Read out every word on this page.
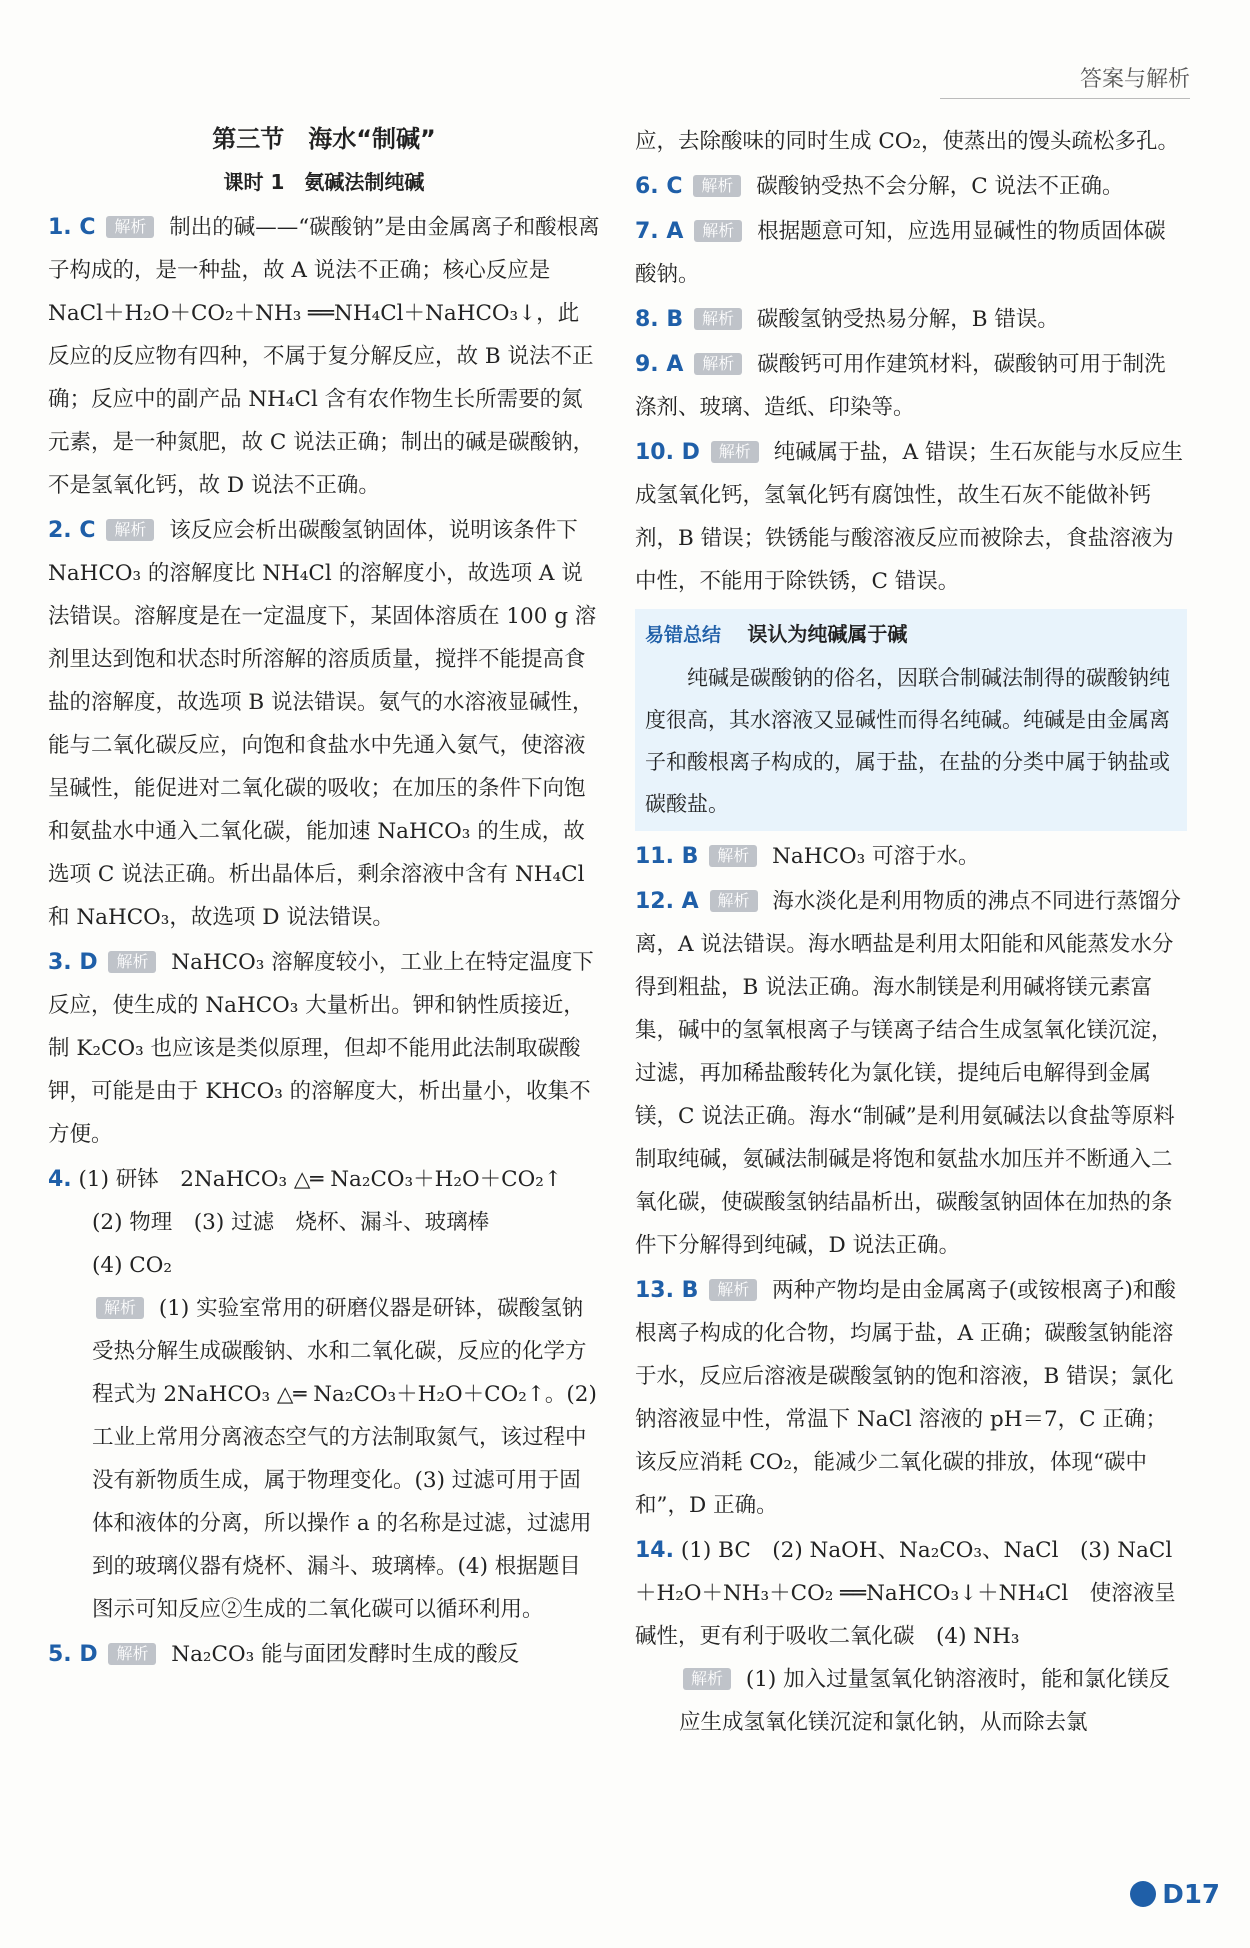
答案与解析
第三节　海水“制碱”
课时 1　氨碱法制纯碱
1. C 解析 制出的碱——“碳酸钠”是由金属离子和酸根离子构成的，是一种盐，故 A 说法不正确；核心反应是 NaCl＋H₂O＋CO₂＋NH₃ ══NH₄Cl＋NaHCO₃↓，此反应的反应物有四种，不属于复分解反应，故 B 说法不正确；反应中的副产品 NH₄Cl 含有农作物生长所需要的氮元素，是一种氮肥，故 C 说法正确；制出的碱是碳酸钠，不是氢氧化钙，故 D 说法不正确。
2. C 解析 该反应会析出碳酸氢钠固体，说明该条件下 NaHCO₃ 的溶解度比 NH₄Cl 的溶解度小，故选项 A 说法错误。溶解度是在一定温度下，某固体溶质在 100 g 溶剂里达到饱和状态时所溶解的溶质质量，搅拌不能提高食盐的溶解度，故选项 B 说法错误。氨气的水溶液显碱性，能与二氧化碳反应，向饱和食盐水中先通入氨气，使溶液呈碱性，能促进对二氧化碳的吸收；在加压的条件下向饱和氨盐水中通入二氧化碳，能加速 NaHCO₃ 的生成，故选项 C 说法正确。析出晶体后，剩余溶液中含有 NH₄Cl 和 NaHCO₃，故选项 D 说法错误。
3. D 解析 NaHCO₃ 溶解度较小，工业上在特定温度下反应，使生成的 NaHCO₃ 大量析出。钾和钠性质接近，制 K₂CO₃ 也应该是类似原理，但却不能用此法制取碳酸钾，可能是由于 KHCO₃ 的溶解度大，析出量小，收集不方便。
4. (1) 研钵　2NaHCO₃ △═ Na₂CO₃＋H₂O＋CO₂↑
(2) 物理　(3) 过滤　烧杯、漏斗、玻璃棒
(4) CO₂
解析 (1) 实验室常用的研磨仪器是研钵，碳酸氢钠受热分解生成碳酸钠、水和二氧化碳，反应的化学方程式为 2NaHCO₃ △═ Na₂CO₃＋H₂O＋CO₂↑。(2) 工业上常用分离液态空气的方法制取氮气，该过程中没有新物质生成，属于物理变化。(3) 过滤可用于固体和液体的分离，所以操作 a 的名称是过滤，过滤用到的玻璃仪器有烧杯、漏斗、玻璃棒。(4) 根据题目图示可知反应②生成的二氧化碳可以循环利用。
5. D 解析 Na₂CO₃ 能与面团发酵时生成的酸反
应，去除酸味的同时生成 CO₂，使蒸出的馒头疏松多孔。
6. C 解析 碳酸钠受热不会分解，C 说法不正确。
7. A 解析 根据题意可知，应选用显碱性的物质固体碳酸钠。
8. B 解析 碳酸氢钠受热易分解，B 错误。
9. A 解析 碳酸钙可用作建筑材料，碳酸钠可用于制洗涤剂、玻璃、造纸、印染等。
10. D 解析 纯碱属于盐，A 错误；生石灰能与水反应生成氢氧化钙，氢氧化钙有腐蚀性，故生石灰不能做补钙剂，B 错误；铁锈能与酸溶液反应而被除去，食盐溶液为中性，不能用于除铁锈，C 错误。
易错总结 误认为纯碱属于碱
纯碱是碳酸钠的俗名，因联合制碱法制得的碳酸钠纯度很高，其水溶液又显碱性而得名纯碱。纯碱是由金属离子和酸根离子构成的，属于盐，在盐的分类中属于钠盐或碳酸盐。
11. B 解析 NaHCO₃ 可溶于水。
12. A 解析 海水淡化是利用物质的沸点不同进行蒸馏分离，A 说法错误。海水晒盐是利用太阳能和风能蒸发水分得到粗盐，B 说法正确。海水制镁是利用碱将镁元素富集，碱中的氢氧根离子与镁离子结合生成氢氧化镁沉淀，过滤，再加稀盐酸转化为氯化镁，提纯后电解得到金属镁，C 说法正确。海水“制碱”是利用氨碱法以食盐等原料制取纯碱，氨碱法制碱是将饱和氨盐水加压并不断通入二氧化碳，使碳酸氢钠结晶析出，碳酸氢钠固体在加热的条件下分解得到纯碱，D 说法正确。
13. B 解析 两种产物均是由金属离子(或铵根离子)和酸根离子构成的化合物，均属于盐，A 正确；碳酸氢钠能溶于水，反应后溶液是碳酸氢钠的饱和溶液，B 错误；氯化钠溶液显中性，常温下 NaCl 溶液的 pH＝7，C 正确；该反应消耗 CO₂，能减少二氧化碳的排放，体现“碳中和”，D 正确。
14. (1) BC　(2) NaOH、Na₂CO₃、NaCl　(3) NaCl＋H₂O＋NH₃＋CO₂ ══NaHCO₃↓＋NH₄Cl　使溶液呈碱性，更有利于吸收二氧化碳　(4) NH₃
解析 (1) 加入过量氢氧化钠溶液时，能和氯化镁反应生成氢氧化镁沉淀和氯化钠，从而除去氯
D17
